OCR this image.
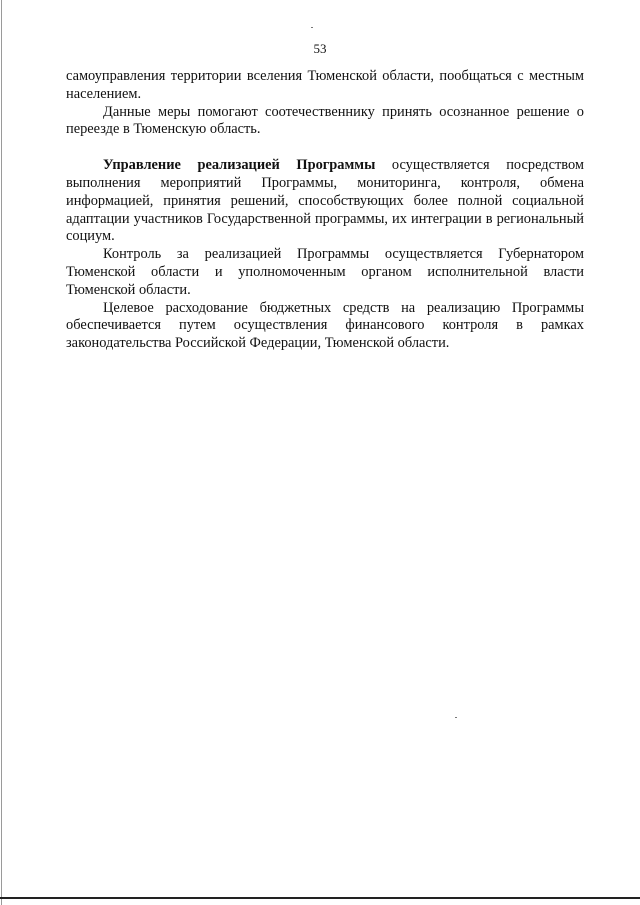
53

самоуправления территории вселения Тюменской области, пообщаться с местным населением.

Данные меры помогают соотечественнику принять осознанное решение о переезде в Тюменскую область.

Управление реализацией Программы осуществляется посредством выполнения мероприятий Программы, мониторинга, контроля, обмена информацией, принятия решений, способствующих более полной социальной адаптации участников Государственной программы, их интеграции в региональный социум.

Контроль за реализацией Программы осуществляется Губернатором Тюменской области и уполномоченным органом исполнительной власти Тюменской области.

Целевое расходование бюджетных средств на реализацию Программы обеспечивается путем осуществления финансового контроля в рамках законодательства Российской Федерации, Тюменской области.
